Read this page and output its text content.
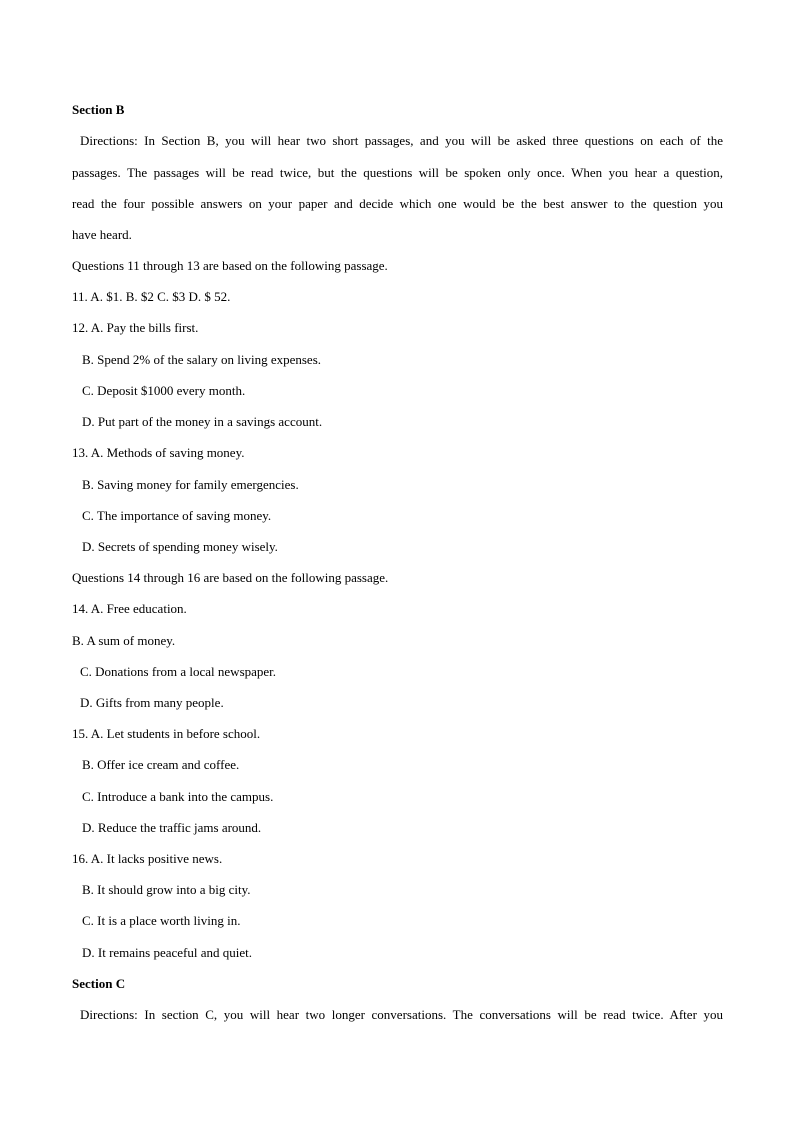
Section B

Directions: In Section B, you will hear two short passages, and you will be asked three questions on each of the

passages. The passages will be read twice, but the questions will be spoken only once. When you hear a question,

read the four possible answers on your paper and decide which one would be the best answer to the question you

have heard.

Questions 11 through 13 are based on the following passage.

11. A. $1. B. $2 C. $3 D. $ 52.

12. A. Pay the bills first.

B. Spend 2% of the salary on living expenses.

C. Deposit $1000 every month.

D. Put part of the money in a savings account.

13. A. Methods of saving money.

B. Saving money for family emergencies.

C. The importance of saving money.

D. Secrets of spending money wisely.

Questions 14 through 16 are based on the following passage.

14. A. Free education.

B. A sum of money.

C. Donations from a local newspaper.

D. Gifts from many people.

15. A. Let students in before school.

B. Offer ice cream and coffee.

C. Introduce a bank into the campus.

D. Reduce the traffic jams around.

16. A. It lacks positive news.

B. It should grow into a big city.

C. It is a place worth living in.

D. It remains peaceful and quiet.

Section C

Directions: In section C, you will hear two longer conversations. The conversations will be read twice. After you
